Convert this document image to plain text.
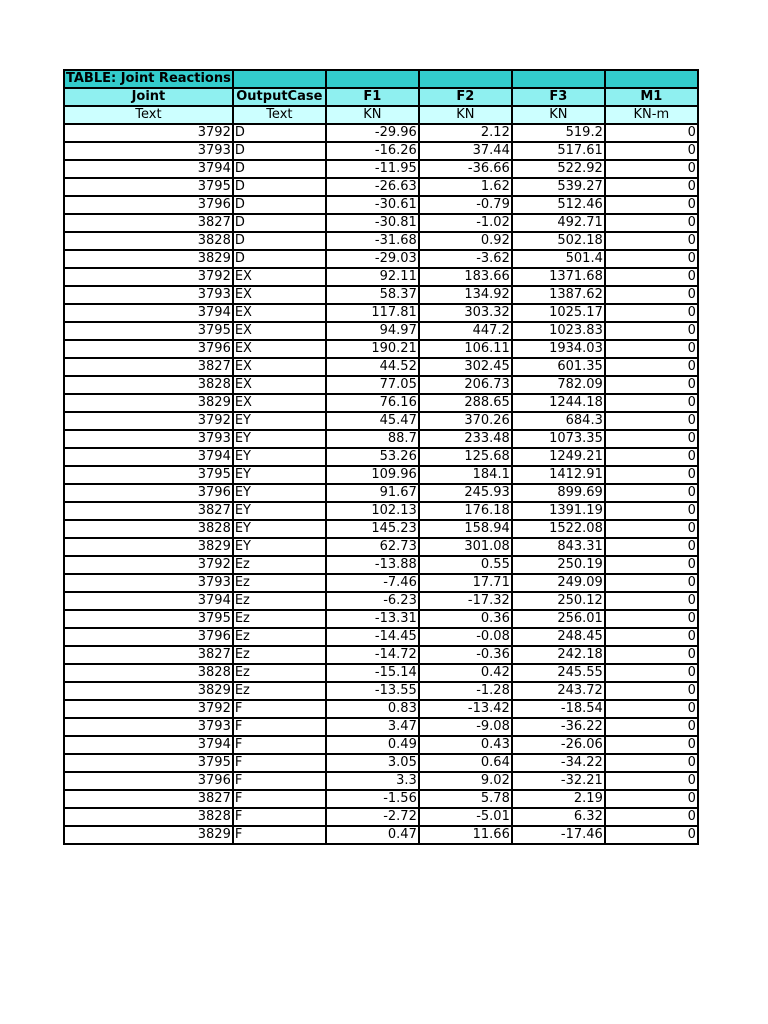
TABLE: Joint Reactions					
Joint	OutputCase	F1	F2	F3	M1
Text	Text	KN	KN	KN	KN-m
3792	D	-29.96	2.12	519.2	0
3793	D	-16.26	37.44	517.61	0
3794	D	-11.95	-36.66	522.92	0
3795	D	-26.63	1.62	539.27	0
3796	D	-30.61	-0.79	512.46	0
3827	D	-30.81	-1.02	492.71	0
3828	D	-31.68	0.92	502.18	0
3829	D	-29.03	-3.62	501.4	0
3792	EX	92.11	183.66	1371.68	0
3793	EX	58.37	134.92	1387.62	0
3794	EX	117.81	303.32	1025.17	0
3795	EX	94.97	447.2	1023.83	0
3796	EX	190.21	106.11	1934.03	0
3827	EX	44.52	302.45	601.35	0
3828	EX	77.05	206.73	782.09	0
3829	EX	76.16	288.65	1244.18	0
3792	EY	45.47	370.26	684.3	0
3793	EY	88.7	233.48	1073.35	0
3794	EY	53.26	125.68	1249.21	0
3795	EY	109.96	184.1	1412.91	0
3796	EY	91.67	245.93	899.69	0
3827	EY	102.13	176.18	1391.19	0
3828	EY	145.23	158.94	1522.08	0
3829	EY	62.73	301.08	843.31	0
3792	Ez	-13.88	0.55	250.19	0
3793	Ez	-7.46	17.71	249.09	0
3794	Ez	-6.23	-17.32	250.12	0
3795	Ez	-13.31	0.36	256.01	0
3796	Ez	-14.45	-0.08	248.45	0
3827	Ez	-14.72	-0.36	242.18	0
3828	Ez	-15.14	0.42	245.55	0
3829	Ez	-13.55	-1.28	243.72	0
3792	F	0.83	-13.42	-18.54	0
3793	F	3.47	-9.08	-36.22	0
3794	F	0.49	0.43	-26.06	0
3795	F	3.05	0.64	-34.22	0
3796	F	3.3	9.02	-32.21	0
3827	F	-1.56	5.78	2.19	0
3828	F	-2.72	-5.01	6.32	0
3829	F	0.47	11.66	-17.46	0
